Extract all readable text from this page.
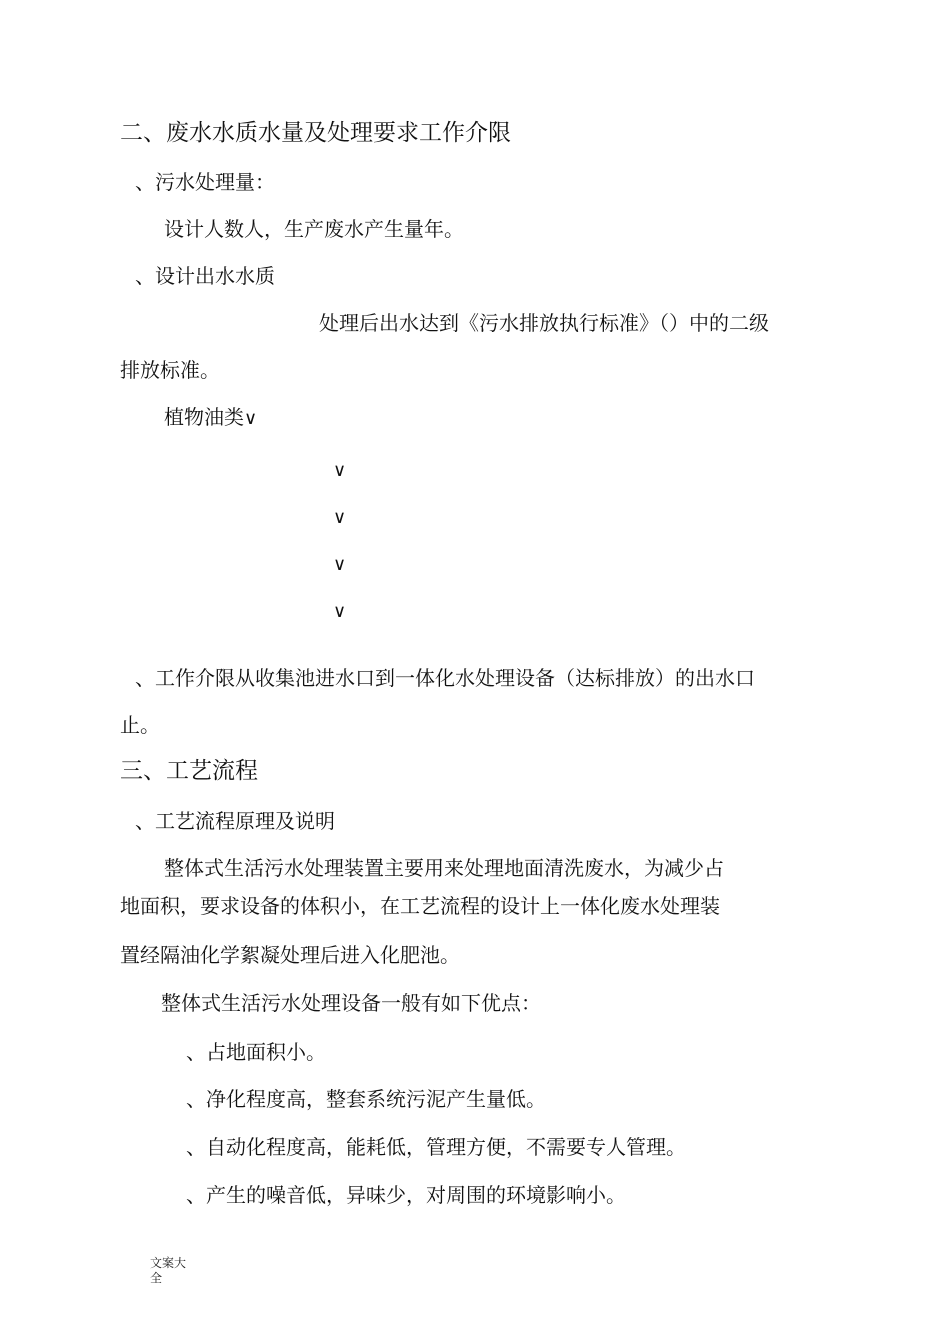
二、废水水质水量及处理要求工作介限
、污水处理量：
设计人数人，生产废水产生量年。
、设计出水水质
处理后出水达到《污水排放执行标准》（）中的二级
排放标准。
植物油类∨
∨
∨
∨
∨
、工作介限从收集池进水口到一体化水处理设备（达标排放）的出水口
止。
三、工艺流程
、工艺流程原理及说明
整体式生活污水处理装置主要用来处理地面清洗废水，为减少占
地面积，要求设备的体积小，在工艺流程的设计上一体化废水处理装
置经隔油化学絮凝处理后进入化肥池。
整体式生活污水处理设备一般有如下优点：
、占地面积小。
、净化程度高，整套系统污泥产生量低。
、自动化程度高，能耗低，管理方便，不需要专人管理。
、产生的噪音低，异味少，对周围的环境影响小。
文案大
全
